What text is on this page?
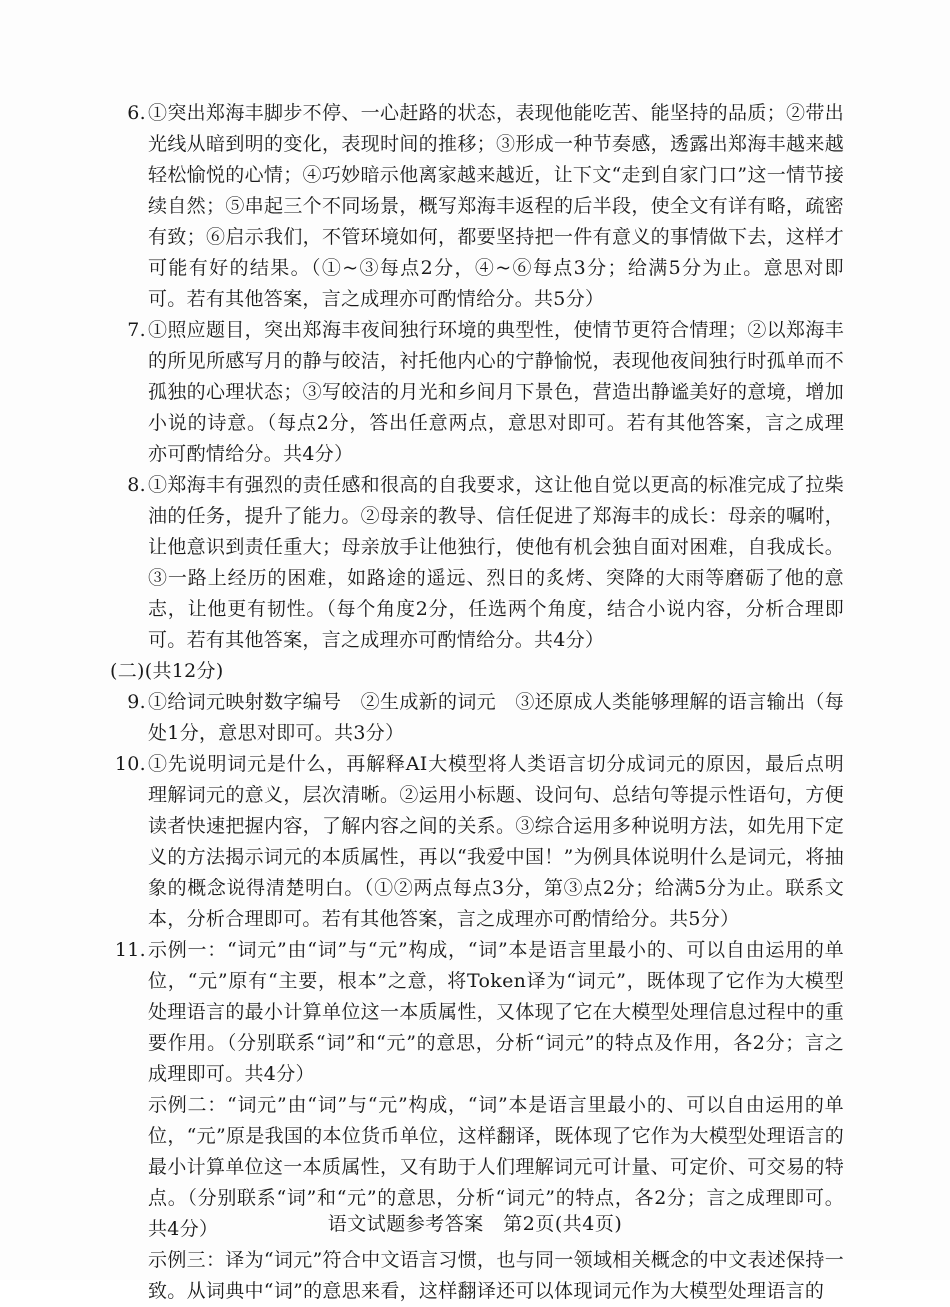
6. ①突出郑海丰脚步不停、一心赶路的状态，表现他能吃苦、能坚持的品质；②带出光线从暗到明的变化，表现时间的推移；③形成一种节奏感，透露出郑海丰越来越轻松愉悦的心情；④巧妙暗示他离家越来越近，让下文“走到自家门口”这一情节接续自然；⑤串起三个不同场景，概写郑海丰返程的后半段，使全文有详有略，疏密有致；⑥启示我们，不管环境如何，都要坚持把一件有意义的事情做下去，这样才可能有好的结果。（①~③每点2分，④~⑥每点3分；给满5分为止。意思对即可。若有其他答案，言之成理亦可酌情给分。共5分）
7. ①照应题目，突出郑海丰夜间独行环境的典型性，使情节更符合情理；②以郑海丰的所见所感写月的静与皎洁，衬托他内心的宁静愉悦，表现他夜间独行时孤单而不孤独的心理状态；③写皎洁的月光和乡间月下景色，营造出静谧美好的意境，增加小说的诗意。（每点2分，答出任意两点，意思对即可。若有其他答案，言之成理亦可酌情给分。共4分）
8. ①郑海丰有强烈的责任感和很高的自我要求，这让他自觉以更高的标准完成了拉柴油的任务，提升了能力。②母亲的教导、信任促进了郑海丰的成长：母亲的嘱咐，让他意识到责任重大；母亲放手让他独行，使他有机会独自面对困难，自我成长。③一路上经历的困难，如路途的遥远、烈日的炙烤、突降的大雨等磨砺了他的意志，让他更有韧性。（每个角度2分，任选两个角度，结合小说内容，分析合理即可。若有其他答案，言之成理亦可酌情给分。共4分）
(二)(共12分)
9. ①给词元映射数字编号　②生成新的词元　③还原成人类能够理解的语言输出（每处1分，意思对即可。共3分）
10. ①先说明词元是什么，再解释AI大模型将人类语言切分成词元的原因，最后点明理解词元的意义，层次清晰。②运用小标题、设问句、总结句等提示性语句，方便读者快速把握内容，了解内容之间的关系。③综合运用多种说明方法，如先用下定义的方法揭示词元的本质属性，再以“我爱中国！”为例具体说明什么是词元，将抽象的概念说得清楚明白。（①②两点每点3分，第③点2分；给满5分为止。联系文本，分析合理即可。若有其他答案，言之成理亦可酌情给分。共5分）
11. 示例一：“词元”由“词”与“元”构成，“词”本是语言里最小的、可以自由运用的单位，“元”原有“主要，根本”之意，将Token译为“词元”，既体现了它作为大模型处理语言的最小计算单位这一本质属性，又体现了它在大模型处理信息过程中的重要作用。（分别联系“词”和“元”的意思，分析“词元”的特点及作用，各2分；言之成理即可。共4分）
示例二：“词元”由“词”与“元”构成，“词”本是语言里最小的、可以自由运用的单位，“元”原是我国的本位货币单位，这样翻译，既体现了它作为大模型处理语言的最小计算单位这一本质属性，又有助于人们理解词元可计量、可定价、可交易的特点。（分别联系“词”和“元”的意思，分析“词元”的特点，各2分；言之成理即可。共4分）
示例三：译为“词元”符合中文语言习惯，也与同一领域相关概念的中文表述保持一致。从词典中“词”的意思来看，这样翻译还可以体现词元作为大模型处理语言的
语文试题参考答案　第2页(共4页)
